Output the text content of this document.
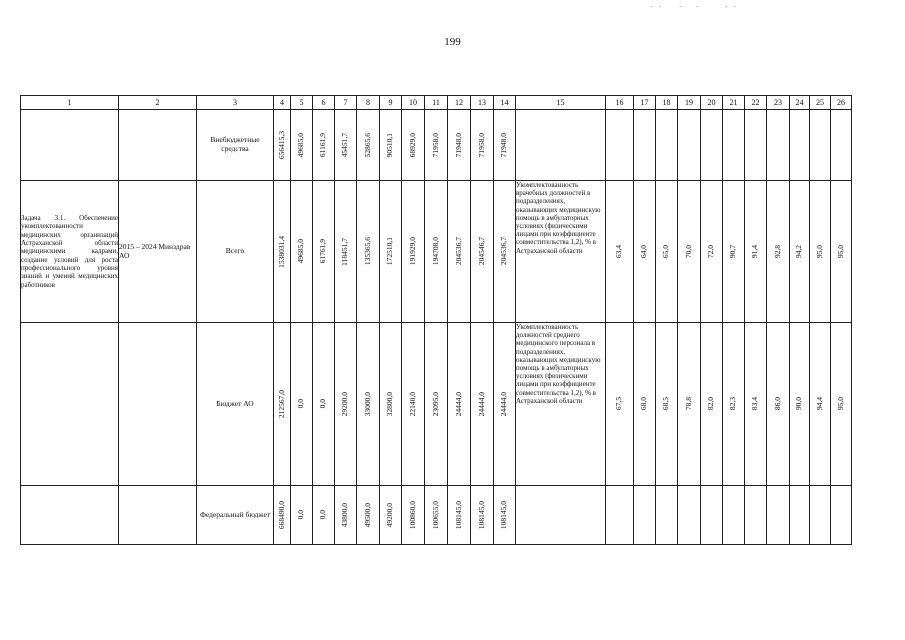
199
1	2	3	4	5	6	7	8	9	10	11	12	13	14	15	16	17	18	19	20	21	22	23	24	25	26
		Внебюджетные средства	656415,3	49685,0	61161,9	45451,7	52865,6	90510,1	68929,0	71958,0	71948,0	71958,0	71948,0												

Задача 3.1. Обеспечение укомплектованности медицинских организаций Астраханской области медицинскими кадрами, создание условий для роста профессионального уровня знаний и умений медицинских работников	2015 – 2024 Минздрав АО	Всего	1538031,4	49685,0	61761,9	118451,7	135365,6	172510,1	191929,0	194708,0	204536,7	204546,7	204536,7	Укомплектованность врачебных должностей в подразделениях, оказывающих медицинскую помощь в амбулаторных условиях (физическими лицами при коэффициенте совместительства 1,2), % в Астраханской области	63,4	64,0	65,0	70,0	72,0	90,7	91,4	92,8	94,2	95,0	95,0

		Бюджет АО	212567,0	0,0	0,0	29200,0	33000,0	32800,0	22140,0	23095,0	24444,0	24444,0	24444,0	Укомплектованность должностей среднего медицинского персонала в подразделениях, оказывающих медицинскую помощь в амбулаторных условиях (физическими лицами при коэффициенте совместительства 1,2), % в Астраханской области	67,5	68,0	68,5	78,8	82,0	82,3	83,4	86,0	90,0	94,4	95,0

		Федеральный бюджет	668490,0	0,0	0,0	43800,0	49500,0	49200,0	100860,0	100655,0	108145,0	108145,0	108145,0												

- -    -   -      - -
